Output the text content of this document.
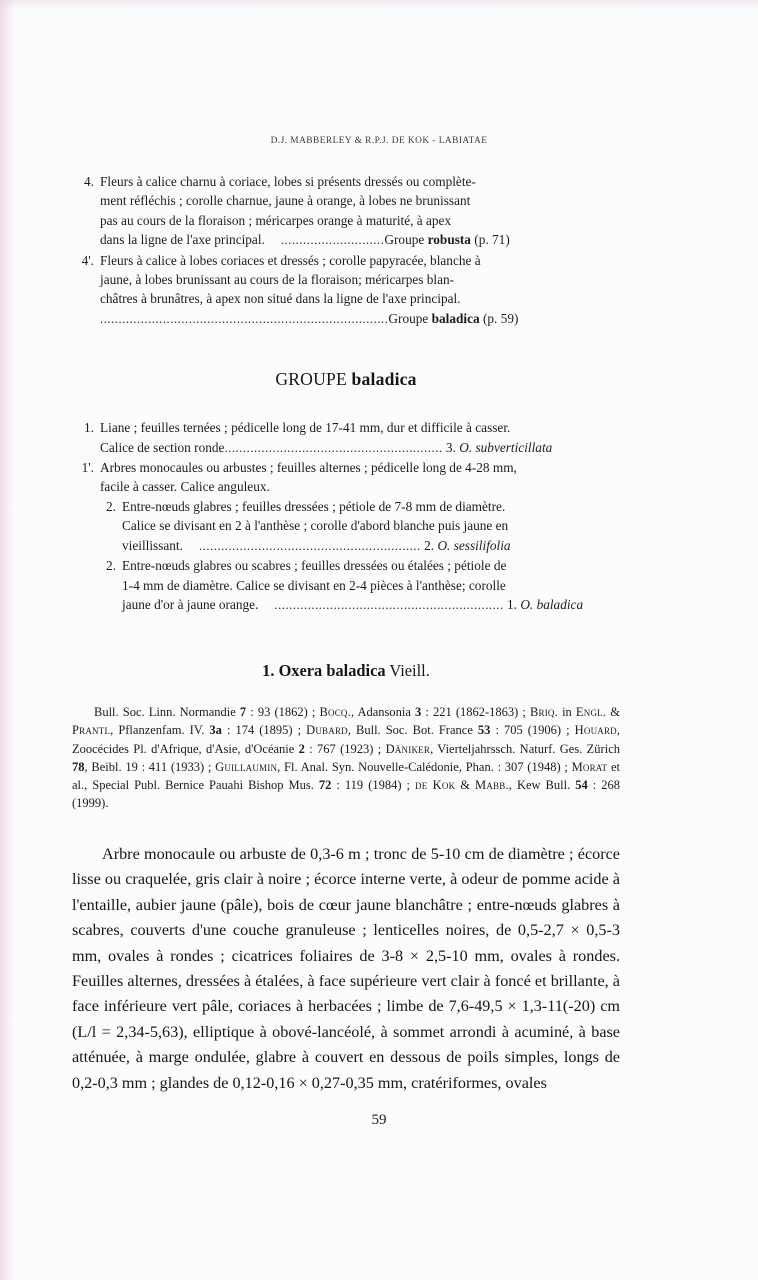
D.J. MABBERLEY & R.P.J. DE KOK - LABIATAE
4. Fleurs à calice charnu à coriace, lobes si présents dressés ou complète-
ment réfléchis ; corolle charnue, jaune à orange, à lobes ne brunissant
pas au cours de la floraison ; méricarpes orange à maturité, à apex
dans la ligne de l'axe principal. ............................Groupe robusta (p. 71)
4'. Fleurs à calice à lobes coriaces et dressés ; corolle papyracée, blanche à
jaune, à lobes brunissant au cours de la floraison; méricarpes blan-
châtres à brunâtres, à apex non situé dans la ligne de l'axe principal.
..............................................................................Groupe baladica (p. 59)
GROUPE baladica
1. Liane ; feuilles ternées ; pédicelle long de 17-41 mm, dur et difficile à casser.
Calice de section ronde........................................................... 3. O. subverticillata
1'. Arbres monocaules ou arbustes ; feuilles alternes ; pédicelle long de 4-28 mm,
facile à casser. Calice anguleux.
2. Entre-nœuds glabres ; feuilles dressées ; pétiole de 7-8 mm de diamètre.
Calice se divisant en 2 à l'anthèse ; corolle d'abord blanche puis jaune en
vieillissant. ............................................................ 2. O. sessilifolia
2. Entre-nœuds glabres ou scabres ; feuilles dressées ou étalées ; pétiole de
1-4 mm de diamètre. Calice se divisant en 2-4 pièces à l'anthèse; corolle
jaune d'or à jaune orange. .............................................................. 1. O. baladica
1. Oxera baladica Vieill.
Bull. Soc. Linn. Normandie 7 : 93 (1862) ; Bocq., Adansonia 3 : 221 (1862-1863) ; Briq. in Engl. & Prantl, Pflanzenfam. IV. 3a : 174 (1895) ; Dubard, Bull. Soc. Bot. France 53 : 705 (1906) ; Houard, Zoocécides Pl. d'Afrique, d'Asie, d'Océanie 2 : 767 (1923) ; Däniker, Vierteljahrssch. Naturf. Ges. Zürich 78, Beibl. 19 : 411 (1933) ; Guillaumin, Fl. Anal. Syn. Nouvelle-Calédonie, Phan. : 307 (1948) ; Morat et al., Special Publ. Bernice Pauahi Bishop Mus. 72 : 119 (1984) ; de Kok & Mabb., Kew Bull. 54 : 268 (1999).
Arbre monocaule ou arbuste de 0,3-6 m ; tronc de 5-10 cm de diamètre ; écorce lisse ou craquelée, gris clair à noire ; écorce interne verte, à odeur de pomme acide à l'entaille, aubier jaune (pâle), bois de cœur jaune blanchâtre ; entre-nœuds glabres à scabres, couverts d'une couche granuleuse ; lenticelles noires, de 0,5-2,7 × 0,5-3 mm, ovales à rondes ; cicatrices foliaires de 3-8 × 2,5-10 mm, ovales à rondes. Feuilles alternes, dressées à étalées, à face supérieure vert clair à foncé et brillante, à face inférieure vert pâle, coriaces à herbacées ; limbe de 7,6-49,5 × 1,3-11(-20) cm (L/l = 2,34-5,63), elliptique à obové-lancéolé, à sommet arrondi à acuminé, à base atténuée, à marge ondulée, glabre à couvert en dessous de poils simples, longs de 0,2-0,3 mm ; glandes de 0,12-0,16 × 0,27-0,35 mm, cratériformes, ovales
59
